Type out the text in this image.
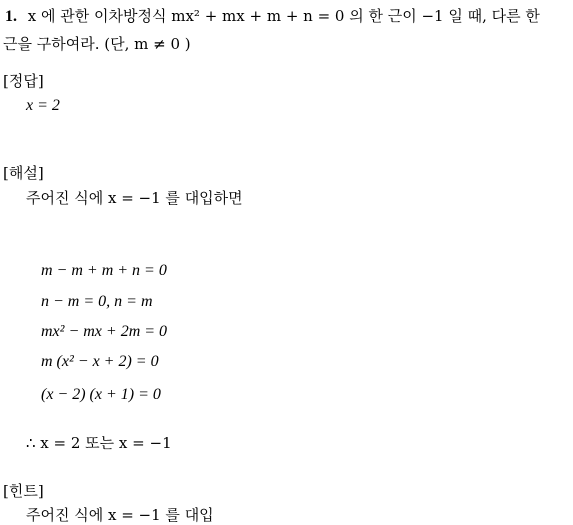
1. x 에 관한 이차방정식 mx² + mx + m + n = 0 의 한 근이 −1 일 때, 다른 한
근을 구하여라. (단, m ≠ 0 )
[정답]
x = 2
[해설]
주어진 식에 x = −1 를 대입하면
m − m + m + n = 0
n − m = 0, n = m
mx² − mx + 2m = 0
m (x² − x + 2) = 0
(x − 2) (x + 1) = 0
∴ x = 2 또는 x = −1
[힌트]
주어진 식에 x = −1 를 대입
